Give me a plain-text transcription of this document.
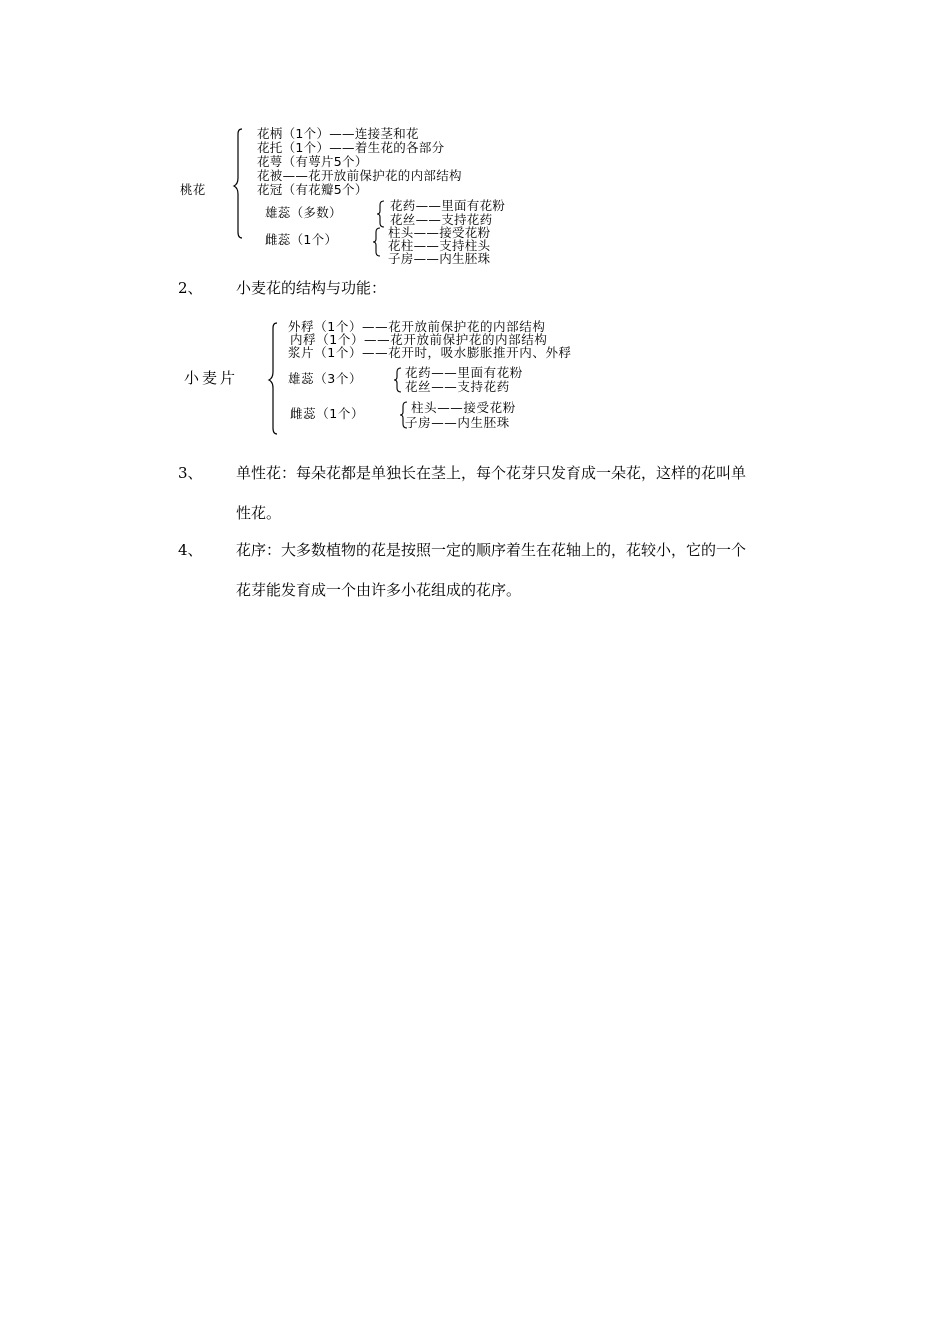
桃花
花柄（1个）——连接茎和花
花托（1个）——着生花的各部分
花萼（有萼片5个）
花被——花开放前保护花的内部结构
花冠（有花瓣5个）
雄蕊（多数）	花药——里面有花粉
花丝——支持花药
雌蕊（1个）	柱头——接受花粉
花柱——支持柱头
子房——内生胚珠
2、 小麦花的结构与功能：
小麦片
外稃（1个）——花开放前保护花的内部结构
内稃（1个）——花开放前保护花的内部结构
浆片（1个）——花开时，吸水膨胀推开内、外稃
雄蕊（3个）	花药——里面有花粉
花丝——支持花药
雌蕊（1个）	柱头——接受花粉
子房——内生胚珠
3、 单性花：每朵花都是单独长在茎上，每个花芽只发育成一朵花，这样的花叫单
性花。
4、 花序：大多数植物的花是按照一定的顺序着生在花轴上的，花较小，它的一个
花芽能发育成一个由许多小花组成的花序。
